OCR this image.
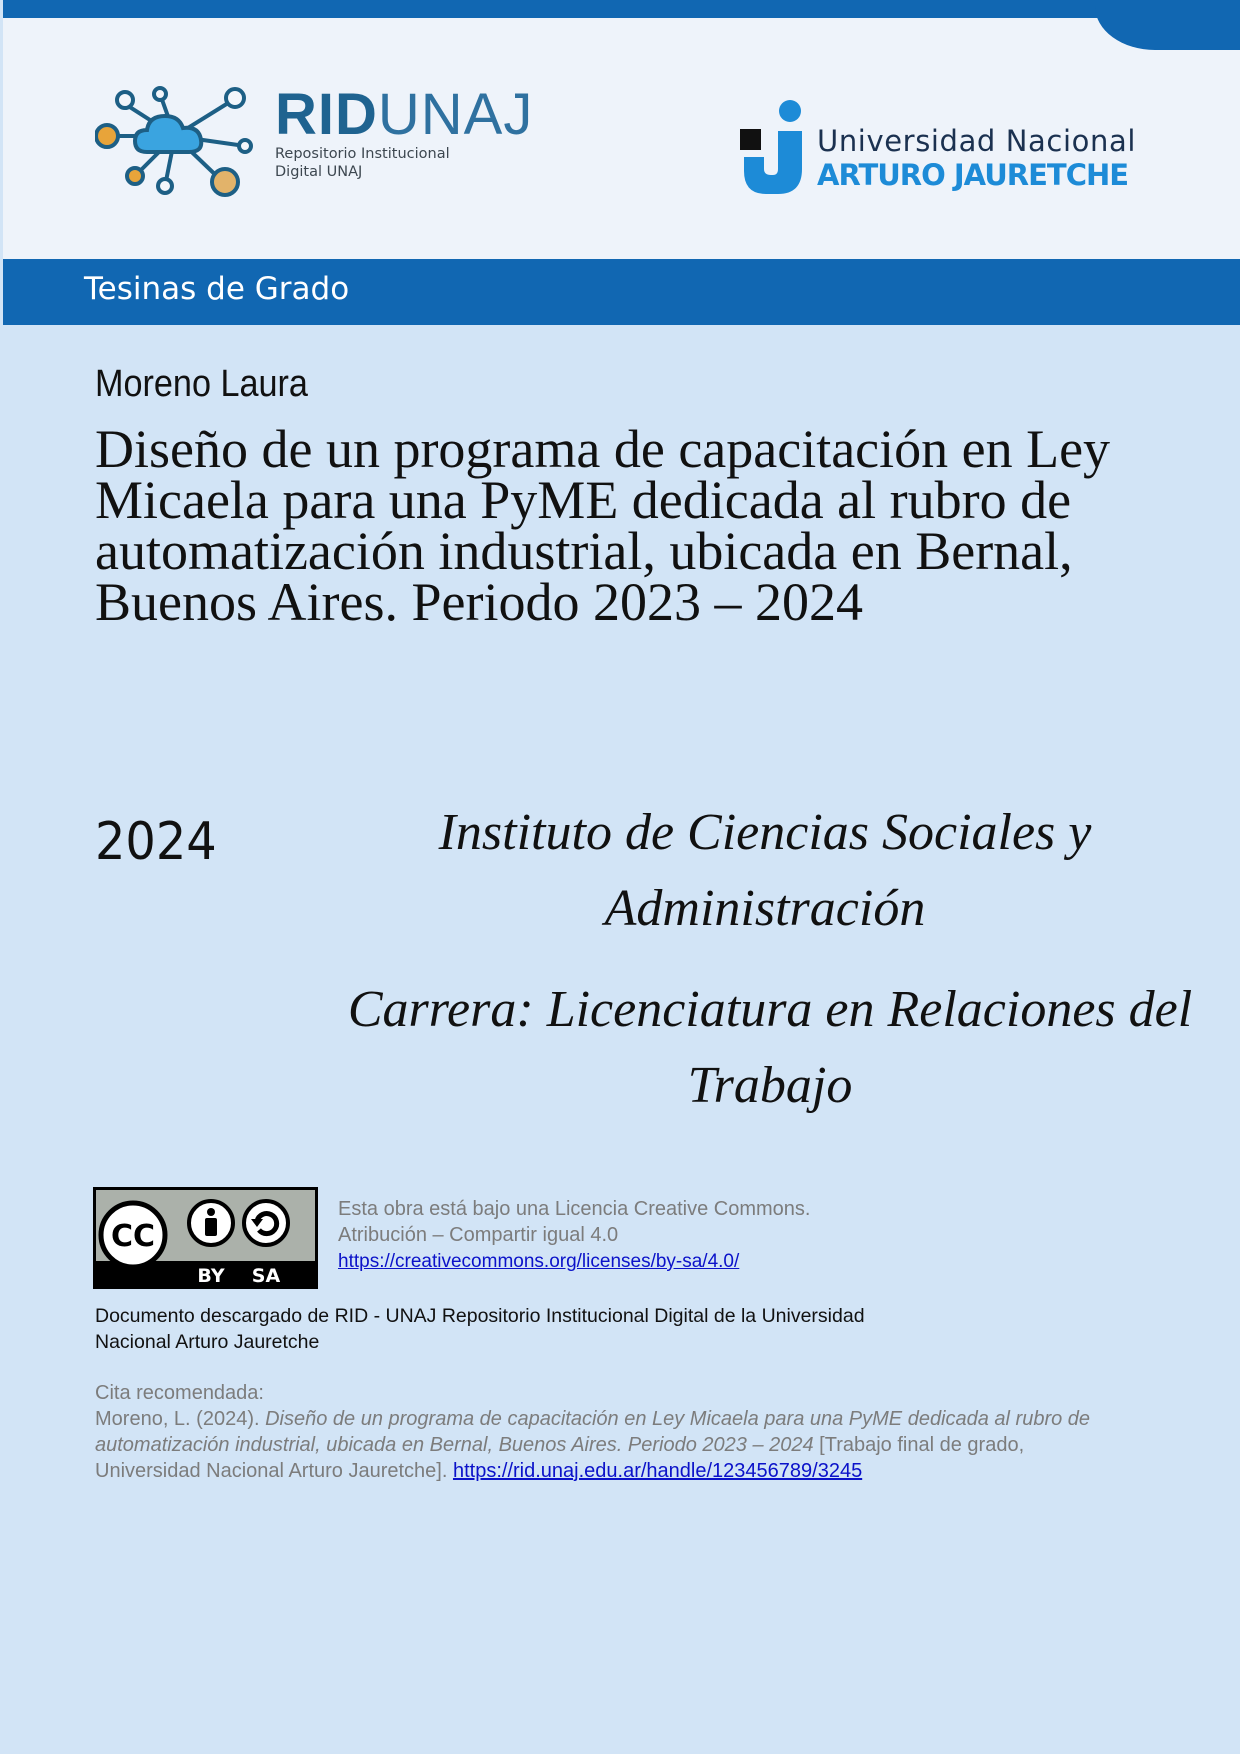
RIDUNAJ
Repositorio Institucional
Digital UNAJ
Universidad Nacional
ARTURO JAURETCHE
Tesinas de Grado
Moreno Laura
Diseño de un programa de capacitación en Ley Micaela para una PyME dedicada al rubro de automatización industrial, ubicada en Bernal, Buenos Aires. Periodo 2023 – 2024
2024	Instituto de Ciencias Sociales y
Administración
Carrera: Licenciatura en Relaciones del
Trabajo
CC
BY SA
Esta obra está bajo una Licencia Creative Commons.
Atribución – Compartir igual 4.0
https://creativecommons.org/licenses/by-sa/4.0/
Documento descargado de RID - UNAJ Repositorio Institucional Digital de la Universidad
Nacional Arturo Jauretche
Cita recomendada:
Moreno, L. (2024). Diseño de un programa de capacitación en Ley Micaela para una PyME dedicada al rubro de automatización industrial, ubicada en Bernal, Buenos Aires. Periodo 2023 – 2024 [Trabajo final de grado, Universidad Nacional Arturo Jauretche]. https://rid.unaj.edu.ar/handle/123456789/3245
